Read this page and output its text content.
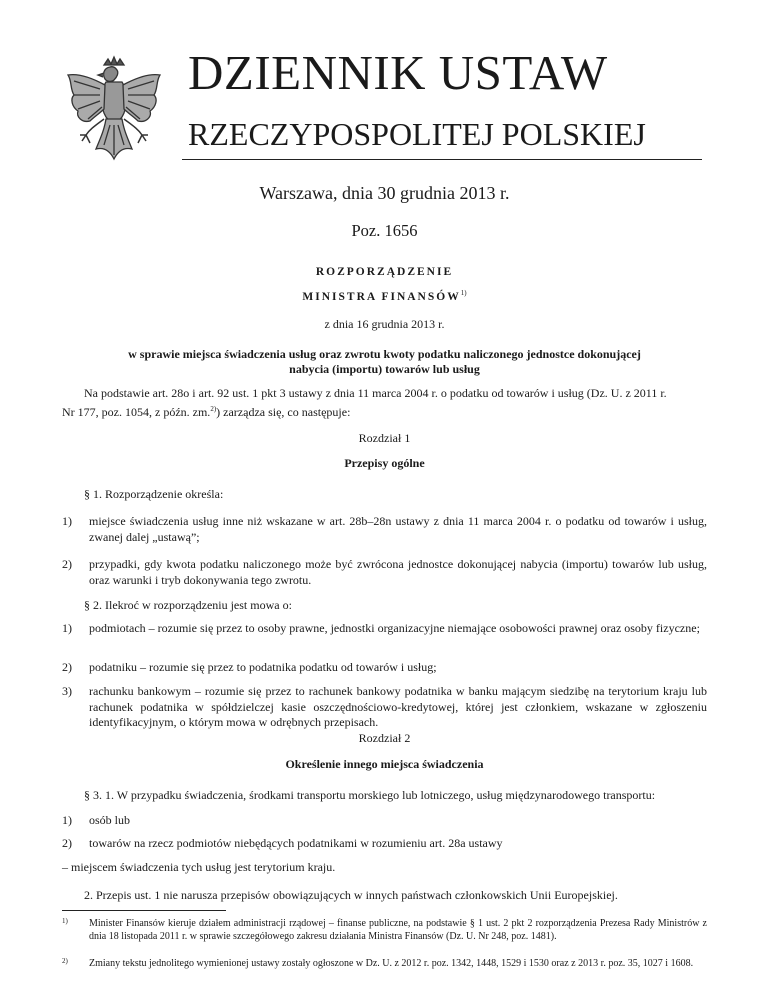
DZIENNIK USTAW
RZECZYPOSPOLITEJ POLSKIEJ
Warszawa, dnia 30 grudnia 2013 r.
Poz. 1656
ROZPORZĄDZENIE
MINISTRA FINANSÓW$^{1)}$
z dnia 16 grudnia 2013 r.
w sprawie miejsca świadczenia usług oraz zwrotu kwoty podatku naliczonego jednostce dokonującej
nabycia (importu) towarów lub usług
Na podstawie art. 28o i art. 92 ust. 1 pkt 3 ustawy z dnia 11 marca 2004 r. o podatku od towarów i usług (Dz. U. z 2011 r.
Nr 177, poz. 1054, z późn. zm.$^{2)}$) zarządza się, co następuje:
Rozdział 1
Przepisy ogólne
§ 1. Rozporządzenie określa:
1) miejsce świadczenia usług inne niż wskazane w art. 28b–28n ustawy z dnia 11 marca 2004 r. o podatku od towarów i usług, zwanej dalej „ustawą”;
2) przypadki, gdy kwota podatku naliczonego może być zwrócona jednostce dokonującej nabycia (importu) towarów lub usług, oraz warunki i tryb dokonywania tego zwrotu.
§ 2. Ilekroć w rozporządzeniu jest mowa o:
1) podmiotach – rozumie się przez to osoby prawne, jednostki organizacyjne niemające osobowości prawnej oraz osoby fizyczne;
2) podatniku – rozumie się przez to podatnika podatku od towarów i usług;
3) rachunku bankowym – rozumie się przez to rachunek bankowy podatnika w banku mającym siedzibę na terytorium kraju lub rachunek podatnika w spółdzielczej kasie oszczędnościowo-kredytowej, której jest członkiem, wskazane w zgłoszeniu identyfikacyjnym, o którym mowa w odrębnych przepisach.
Rozdział 2
Określenie innego miejsca świadczenia
§ 3. 1. W przypadku świadczenia, środkami transportu morskiego lub lotniczego, usług międzynarodowego transportu:
1) osób lub
2) towarów na rzecz podmiotów niebędących podatnikami w rozumieniu art. 28a ustawy
– miejscem świadczenia tych usług jest terytorium kraju.
2. Przepis ust. 1 nie narusza przepisów obowiązujących w innych państwach członkowskich Unii Europejskiej.
1) Minister Finansów kieruje działem administracji rządowej – finanse publiczne, na podstawie § 1 ust. 2 pkt 2 rozporządzenia Prezesa Rady Ministrów z dnia 18 listopada 2011 r. w sprawie szczegółowego zakresu działania Ministra Finansów (Dz. U. Nr 248, poz. 1481).
2) Zmiany tekstu jednolitego wymienionej ustawy zostały ogłoszone w Dz. U. z 2012 r. poz. 1342, 1448, 1529 i 1530 oraz z 2013 r. poz. 35, 1027 i 1608.
